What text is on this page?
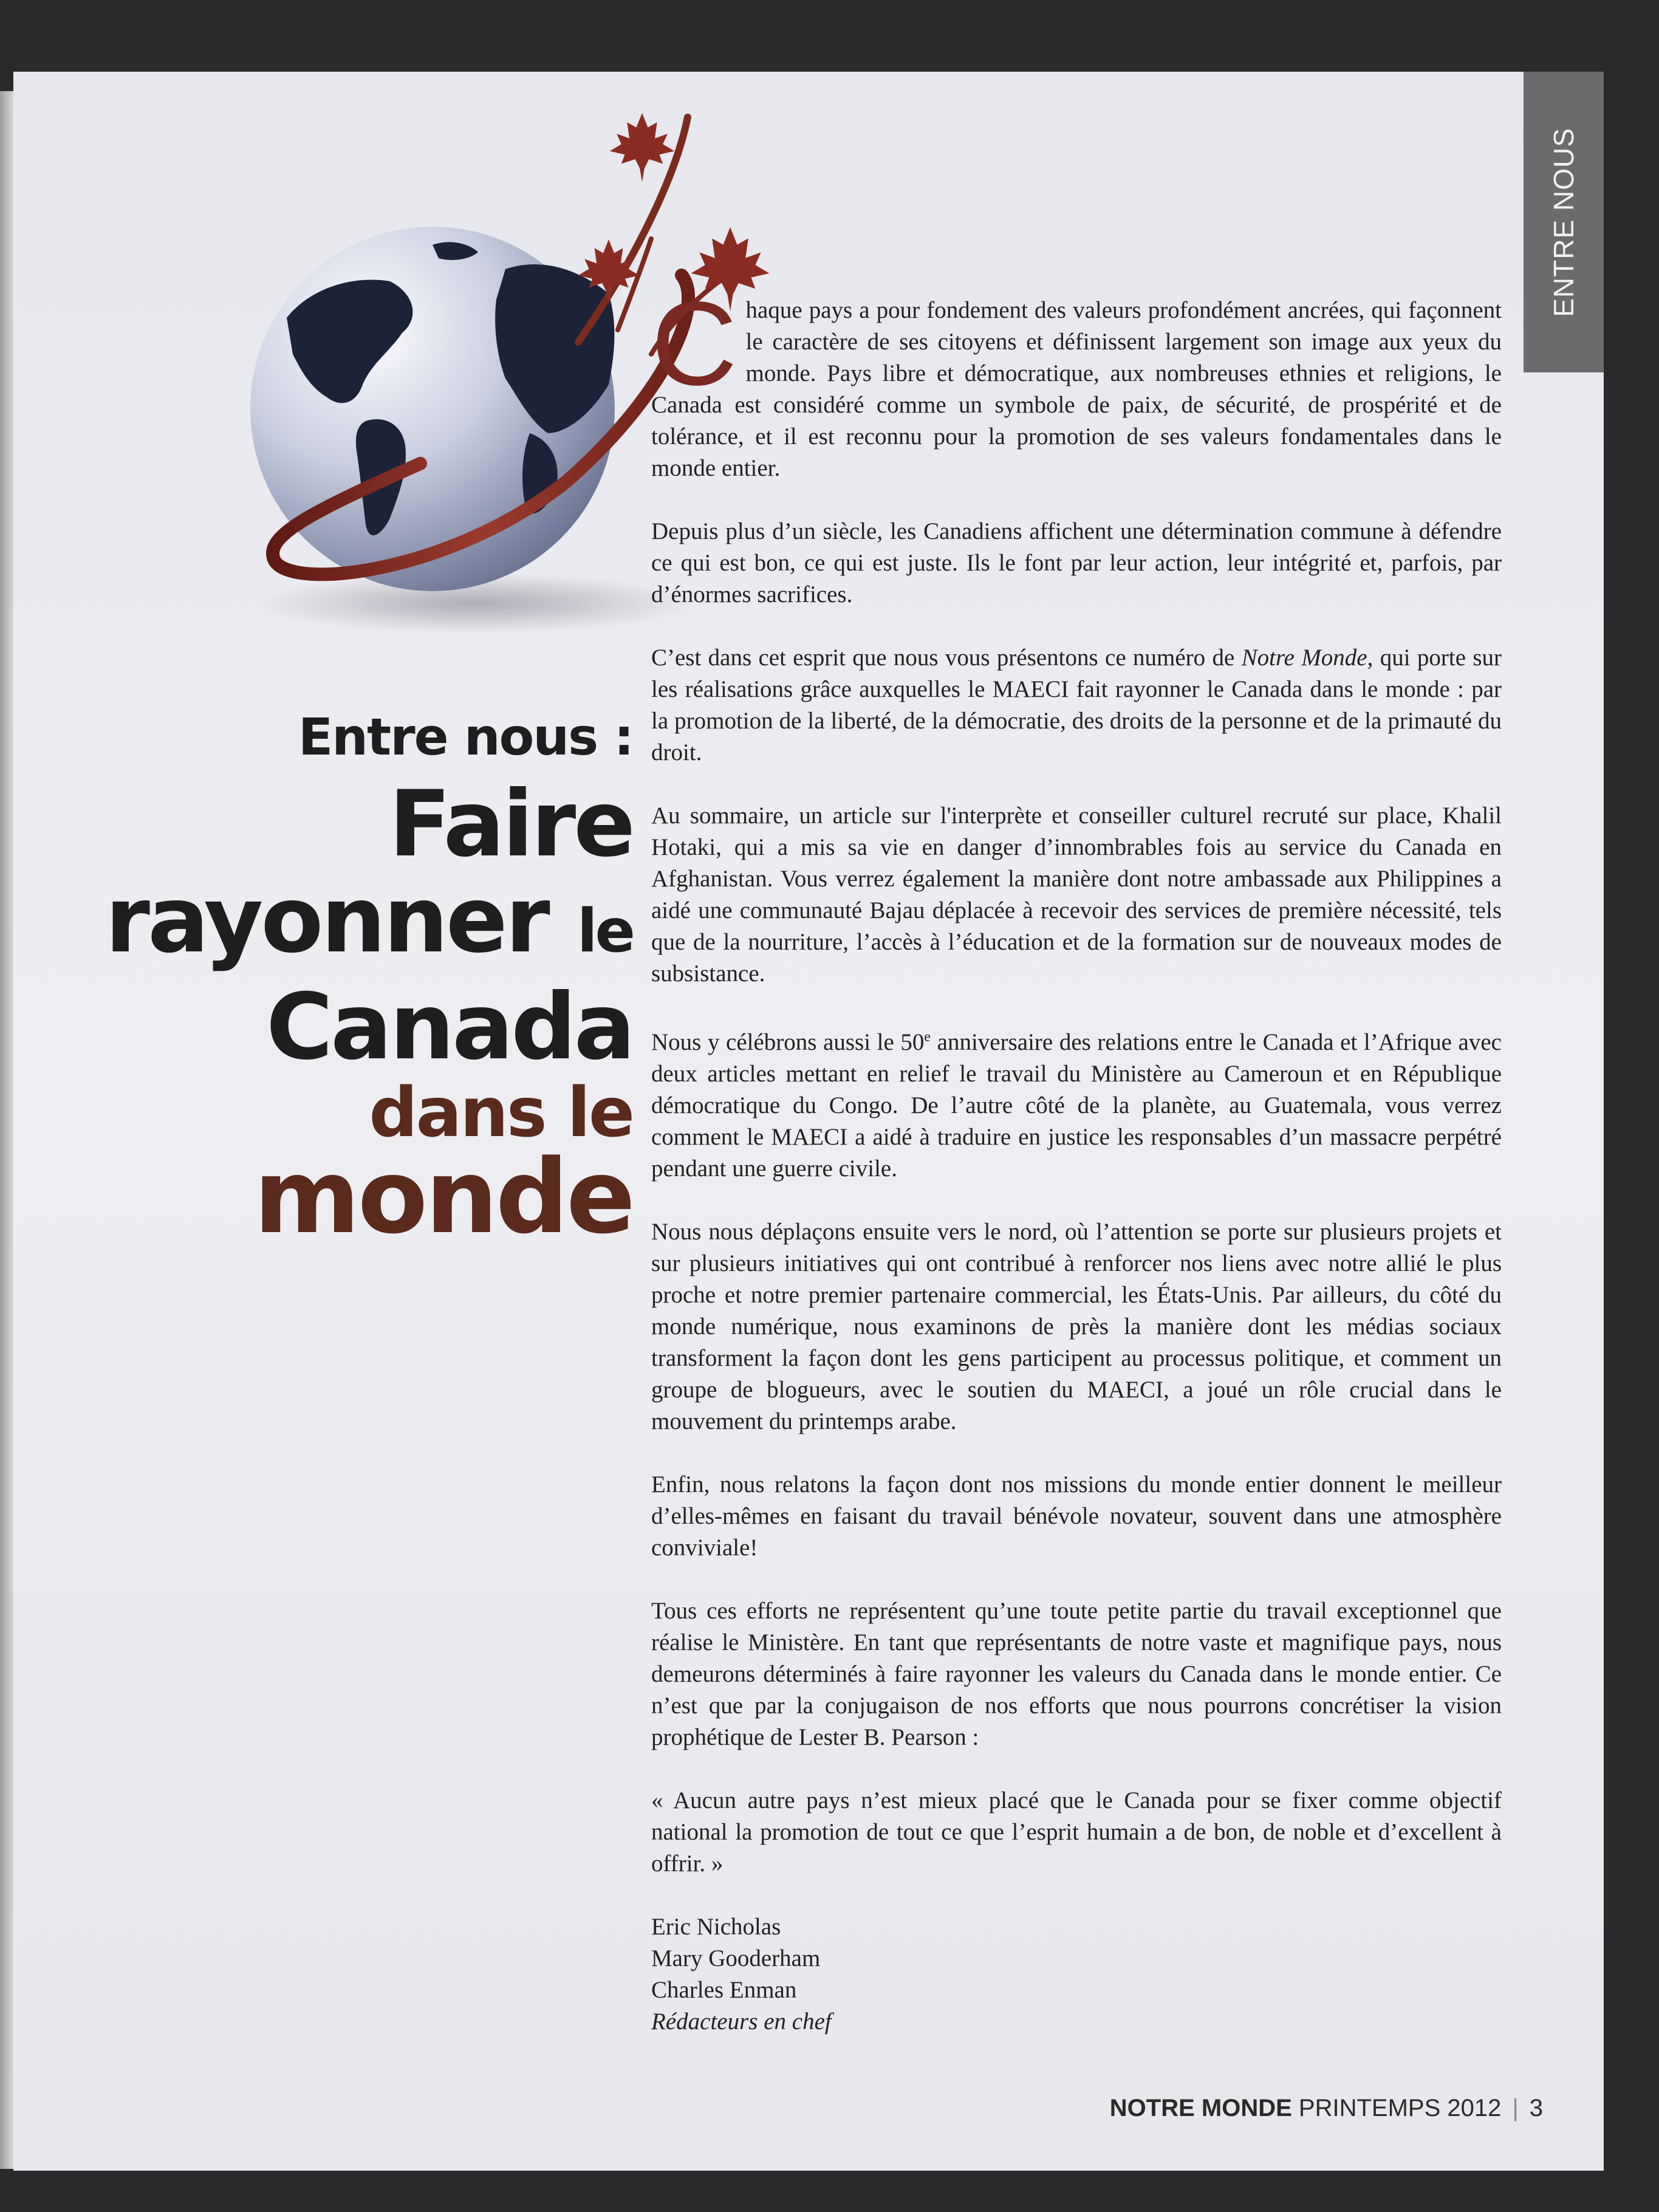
ENTRE NOUS
Entre nous :
Faire
rayonner le
Canada
dans le
monde

Chaque pays a pour fondement des valeurs profondément ancrées, qui façonnent le caractère de ses citoyens et définissent largement son image aux yeux du monde. Pays libre et démocratique, aux nombreuses ethnies et religions, le Canada est considéré comme un symbole de paix, de sécurité, de prospérité et de tolérance, et il est reconnu pour la promotion de ses valeurs fondamentales dans le monde entier.

Depuis plus d’un siècle, les Canadiens affichent une détermination commune à défendre ce qui est bon, ce qui est juste. Ils le font par leur action, leur intégrité et, parfois, par d’énormes sacrifices.

C’est dans cet esprit que nous vous présentons ce numéro de Notre Monde, qui porte sur les réalisations grâce auxquelles le MAECI fait rayonner le Canada dans le monde : par la promotion de la liberté, de la démocratie, des droits de la personne et de la primauté du droit.

Au sommaire, un article sur l'interprète et conseiller culturel recruté sur place, Khalil Hotaki, qui a mis sa vie en danger d’innombrables fois au service du Canada en Afghanistan. Vous verrez également la manière dont notre ambassade aux Philippines a aidé une communauté Bajau déplacée à recevoir des services de première nécessité, tels que de la nourriture, l’accès à l’éducation et de la formation sur de nouveaux modes de subsistance.

Nous y célébrons aussi le 50e anniversaire des relations entre le Canada et l’Afrique avec deux articles mettant en relief le travail du Ministère au Cameroun et en République démocratique du Congo. De l’autre côté de la planète, au Guatemala, vous verrez comment le MAECI a aidé à traduire en justice les responsables d’un massacre perpétré pendant une guerre civile.

Nous nous déplaçons ensuite vers le nord, où l’attention se porte sur plusieurs projets et sur plusieurs initiatives qui ont contribué à renforcer nos liens avec notre allié le plus proche et notre premier partenaire commercial, les États-Unis. Par ailleurs, du côté du monde numérique, nous examinons de près la manière dont les médias sociaux transforment la façon dont les gens participent au processus politique, et comment un groupe de blogueurs, avec le soutien du MAECI, a joué un rôle crucial dans le mouvement du printemps arabe.

Enfin, nous relatons la façon dont nos missions du monde entier donnent le meilleur d’elles-mêmes en faisant du travail bénévole novateur, souvent dans une atmosphère conviviale!

Tous ces efforts ne représentent qu’une toute petite partie du travail exceptionnel que réalise le Ministère. En tant que représentants de notre vaste et magnifique pays, nous demeurons déterminés à faire rayonner les valeurs du Canada dans le monde entier. Ce n’est que par la conjugaison de nos efforts que nous pourrons concrétiser la vision prophétique de Lester B. Pearson :

« Aucun autre pays n’est mieux placé que le Canada pour se fixer comme objectif national la promotion de tout ce que l’esprit humain a de bon, de noble et d’excellent à offrir. »

Eric Nicholas
Mary Gooderham
Charles Enman
Rédacteurs en chef
NOTRE MONDE PRINTEMPS 2012 | 3
